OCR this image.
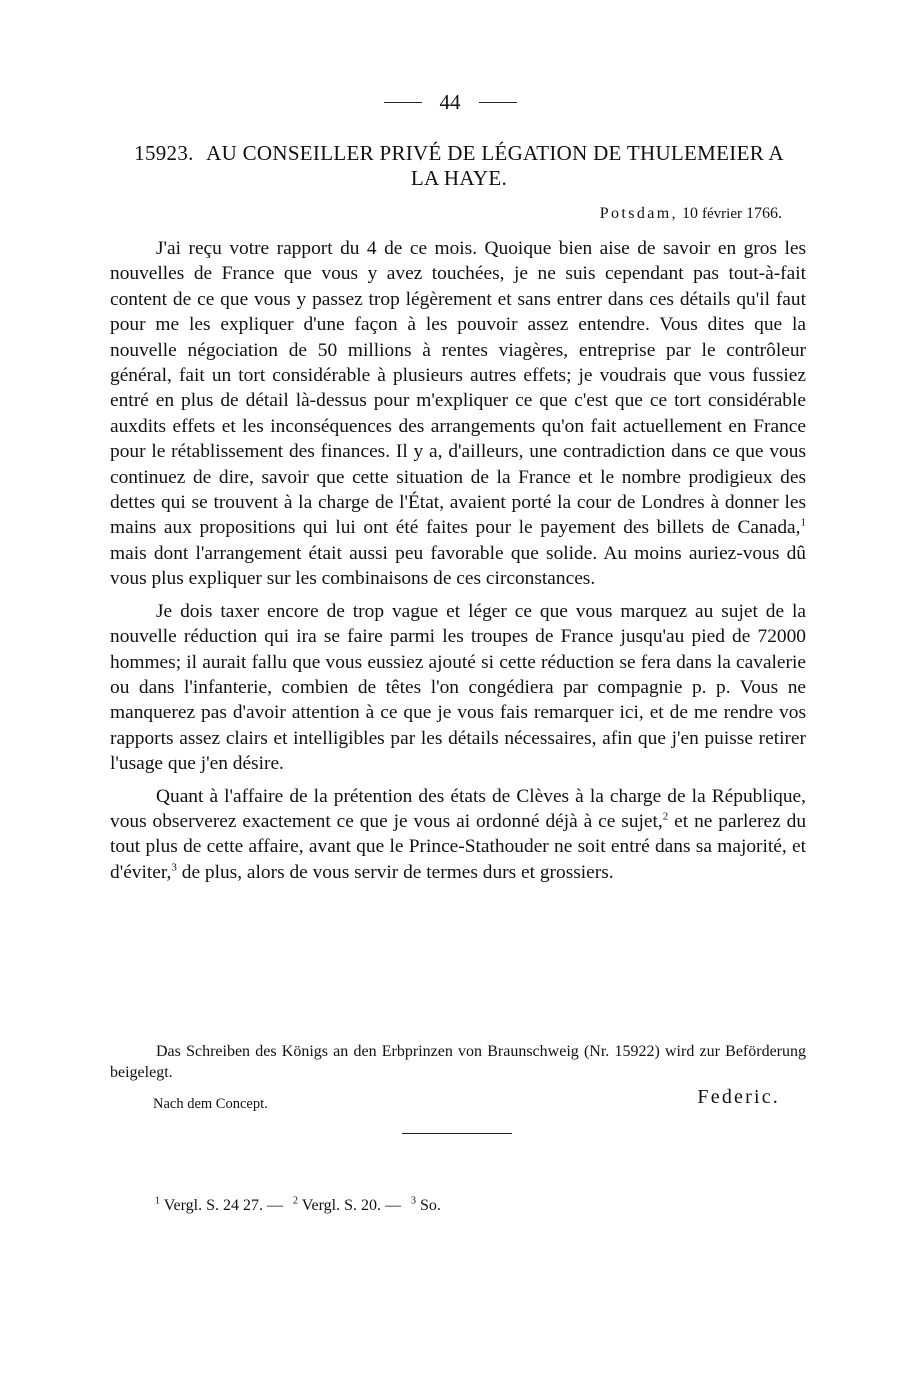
44
15923. AU CONSEILLER PRIVÉ DE LÉGATION DE THULEMEIER A LA HAYE.
Potsdam, 10 février 1766.

J'ai reçu votre rapport du 4 de ce mois. Quoique bien aise de savoir en gros les nouvelles de France que vous y avez touchées, je ne suis cependant pas tout-à-fait content de ce que vous y passez trop légèrement et sans entrer dans ces détails qu'il faut pour me les expliquer d'une façon à les pouvoir assez entendre. Vous dites que la nouvelle négociation de 50 millions à rentes viagères, entreprise par le contrôleur général, fait un tort considérable à plusieurs autres effets; je voudrais que vous fussiez entré en plus de détail là-dessus pour m'expliquer ce que c'est que ce tort considérable auxdits effets et les inconséquences des arrangements qu'on fait actuellement en France pour le rétablissement des finances. Il y a, d'ailleurs, une contradiction dans ce que vous continuez de dire, savoir que cette situation de la France et le nombre prodigieux des dettes qui se trouvent à la charge de l'État, avaient porté la cour de Londres à donner les mains aux propositions qui lui ont été faites pour le payement des billets de Canada,$^1$ mais dont l'arrangement était aussi peu favorable que solide. Au moins auriez-vous dû vous plus expliquer sur les combinaisons de ces circonstances.

Je dois taxer encore de trop vague et léger ce que vous marquez au sujet de la nouvelle réduction qui ira se faire parmi les troupes de France jusqu'au pied de 72000 hommes; il aurait fallu que vous eussiez ajouté si cette réduction se fera dans la cavalerie ou dans l'infanterie, combien de têtes l'on congédiera par compagnie p. p. Vous ne manquerez pas d'avoir attention à ce que je vous fais remarquer ici, et de me rendre vos rapports assez clairs et intelligibles par les détails nécessaires, afin que j'en puisse retirer l'usage que j'en désire.

Quant à l'affaire de la prétention des états de Clèves à la charge de la République, vous observerez exactement ce que je vous ai ordonné déjà à ce sujet,$^2$ et ne parlerez du tout plus de cette affaire, avant que le Prince-Stathouder ne soit entré dans sa majorité, et d'éviter,$^3$ de plus, alors de vous servir de termes durs et grossiers.

Das Schreiben des Königs an den Erbprinzen von Braunschweig (Nr. 15922) wird zur Beförderung beigelegt.
Nach dem Concept.	Federic.
$^1$ Vergl. S. 24 27. — $^2$ Vergl. S. 20. — $^3$ So.
